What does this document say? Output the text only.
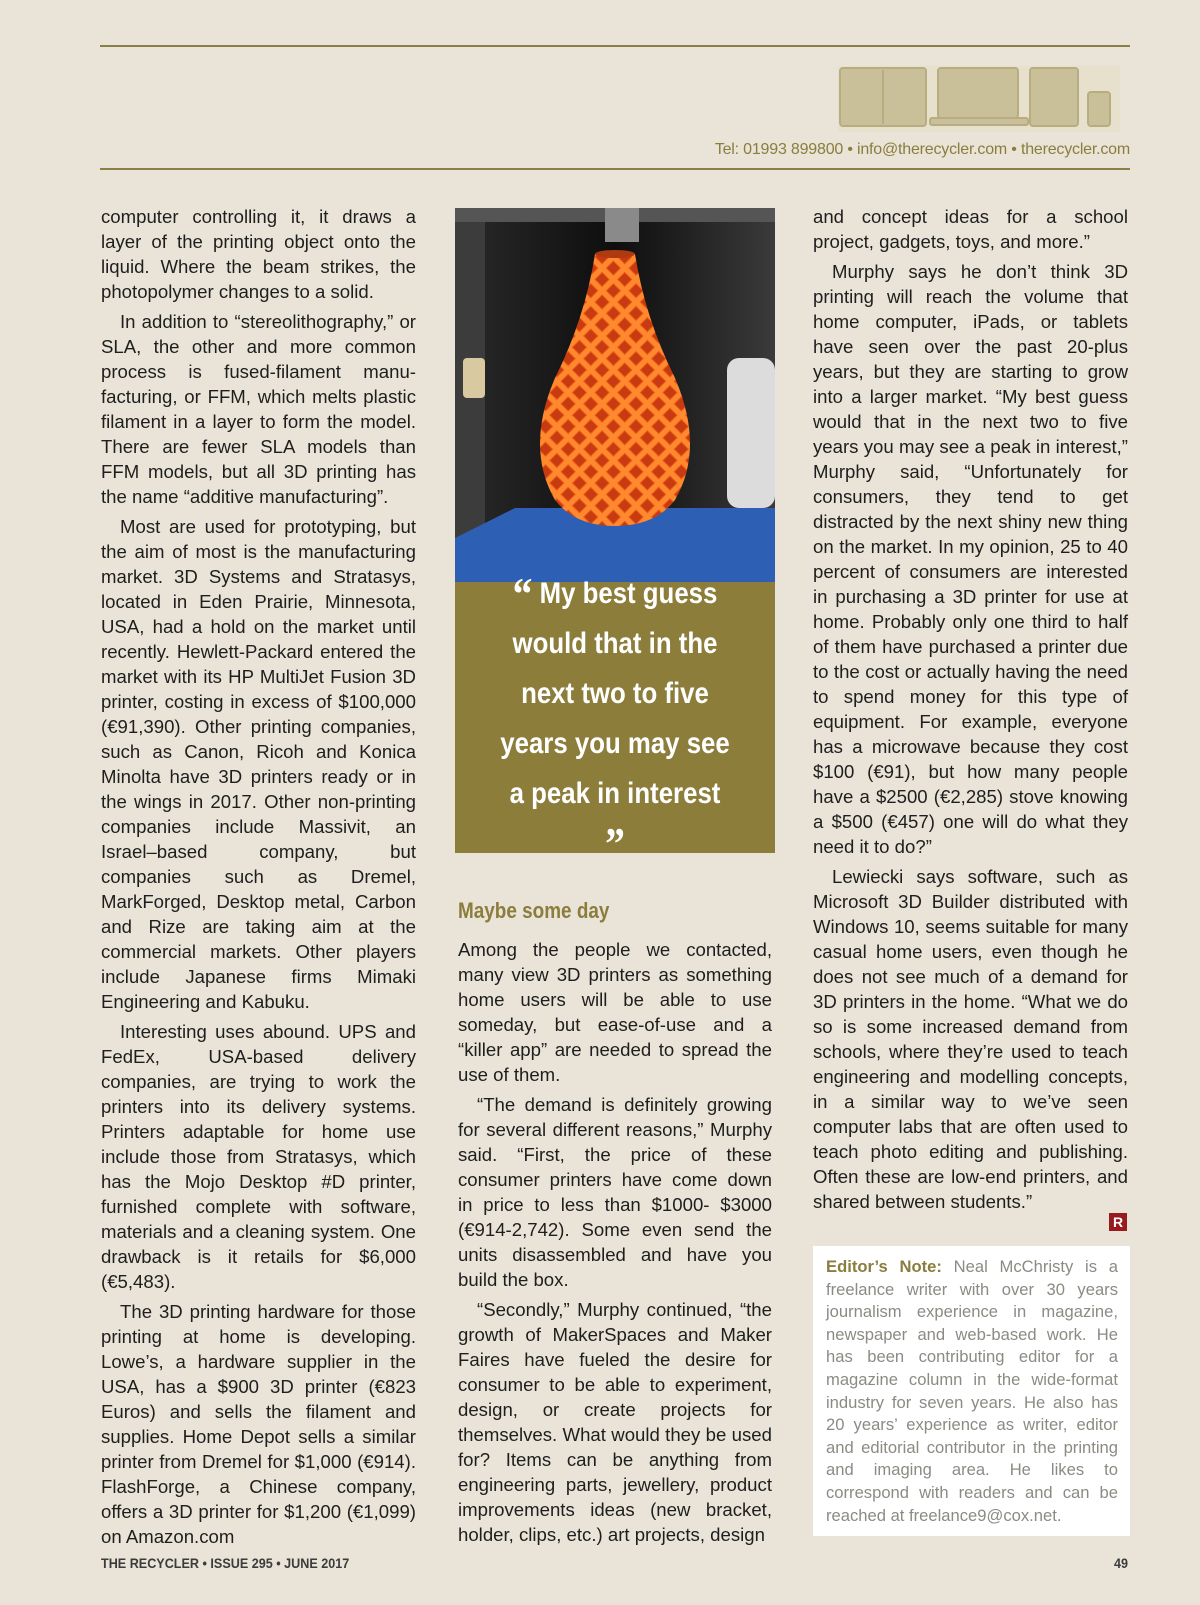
Tel: 01993 899800 • info@therecycler.com • therecycler.com

computer controlling it, it draws a layer of the printing object onto the liquid. Where the beam strikes, the photopolymer changes to a solid.

In addition to “stereolithography,” or SLA, the other and more common process is fused-filament manu-facturing, or FFM, which melts plastic filament in a layer to form the model. There are fewer SLA models than FFM models, but all 3D printing has the name “additive manufacturing”.

Most are used for prototyping, but the aim of most is the manufacturing market. 3D Systems and Stratasys, located in Eden Prairie, Minnesota, USA, had a hold on the market until recently. Hewlett-Packard entered the market with its HP MultiJet Fusion 3D printer, costing in excess of $100,000 (€91,390). Other printing companies, such as Canon, Ricoh and Konica Minolta have 3D printers ready or in the wings in 2017. Other non-printing companies include Massivit, an Israel–based company, but companies such as Dremel, MarkForged, Desktop metal, Carbon and Rize are taking aim at the commercial markets. Other players include Japanese firms Mimaki Engineering and Kabuku.

Interesting uses abound. UPS and FedEx, USA-based delivery companies, are trying to work the printers into its delivery systems. Printers adaptable for home use include those from Stratasys, which has the Mojo Desktop #D printer, furnished complete with software, materials and a cleaning system. One drawback is it retails for $6,000 (€5,483).

The 3D printing hardware for those printing at home is developing. Lowe’s, a hardware supplier in the USA, has a $900 3D printer (€823 Euros) and sells the filament and supplies. Home Depot sells a similar printer from Dremel for $1,000 (€914). FlashForge, a Chinese company, offers a 3D printer for $1,200 (€1,099) on Amazon.com

“ My best guess would that in the next two to five years you may see a peak in interest ”
Maybe some day

Among the people we contacted, many view 3D printers as something home users will be able to use someday, but ease-of-use and a “killer app” are needed to spread the use of them.

“The demand is definitely growing for several different reasons,” Murphy said. “First, the price of these consumer printers have come down in price to less than $1000- $3000 (€914-2,742). Some even send the units disassembled and have you build the box.

“Secondly,” Murphy continued, “the growth of MakerSpaces and Maker Faires have fueled the desire for consumer to be able to experiment, design, or create projects for themselves. What would they be used for? Items can be anything from engineering parts, jewellery, product improvements ideas (new bracket, holder, clips, etc.) art projects, design

and concept ideas for a school project, gadgets, toys, and more.”

Murphy says he don’t think 3D printing will reach the volume that home computer, iPads, or tablets have seen over the past 20-plus years, but they are starting to grow into a larger market. “My best guess would that in the next two to five years you may see a peak in interest,” Murphy said, “Unfortunately for consumers, they tend to get distracted by the next shiny new thing on the market. In my opinion, 25 to 40 percent of consumers are interested in purchasing a 3D printer for use at home. Probably only one third to half of them have purchased a printer due to the cost or actually having the need to spend money for this type of equipment. For example, everyone has a microwave because they cost $100 (€91), but how many people have a $2500 (€2,285) stove knowing a $500 (€457) one will do what they need it to do?”

Lewiecki says software, such as Microsoft 3D Builder distributed with Windows 10, seems suitable for many casual home users, even though he does not see much of a demand for 3D printers in the home. “What we do so is some increased demand from schools, where they’re used to teach engineering and modelling concepts, in a similar way to we’ve seen computer labs that are often used to teach photo editing and publishing. Often these are low-end printers, and shared between students.”

R
Editor’s Note: Neal McChristy is a freelance writer with over 30 years journalism experience in magazine, newspaper and web-based work. He has been contributing editor for a magazine column in the wide-format industry for seven years. He also has 20 years’ experience as writer, editor and editorial contributor in the printing and imaging area. He likes to correspond with readers and can be reached at freelance9@cox.net.
THE RECYCLER • ISSUE 295 • JUNE 2017	49
